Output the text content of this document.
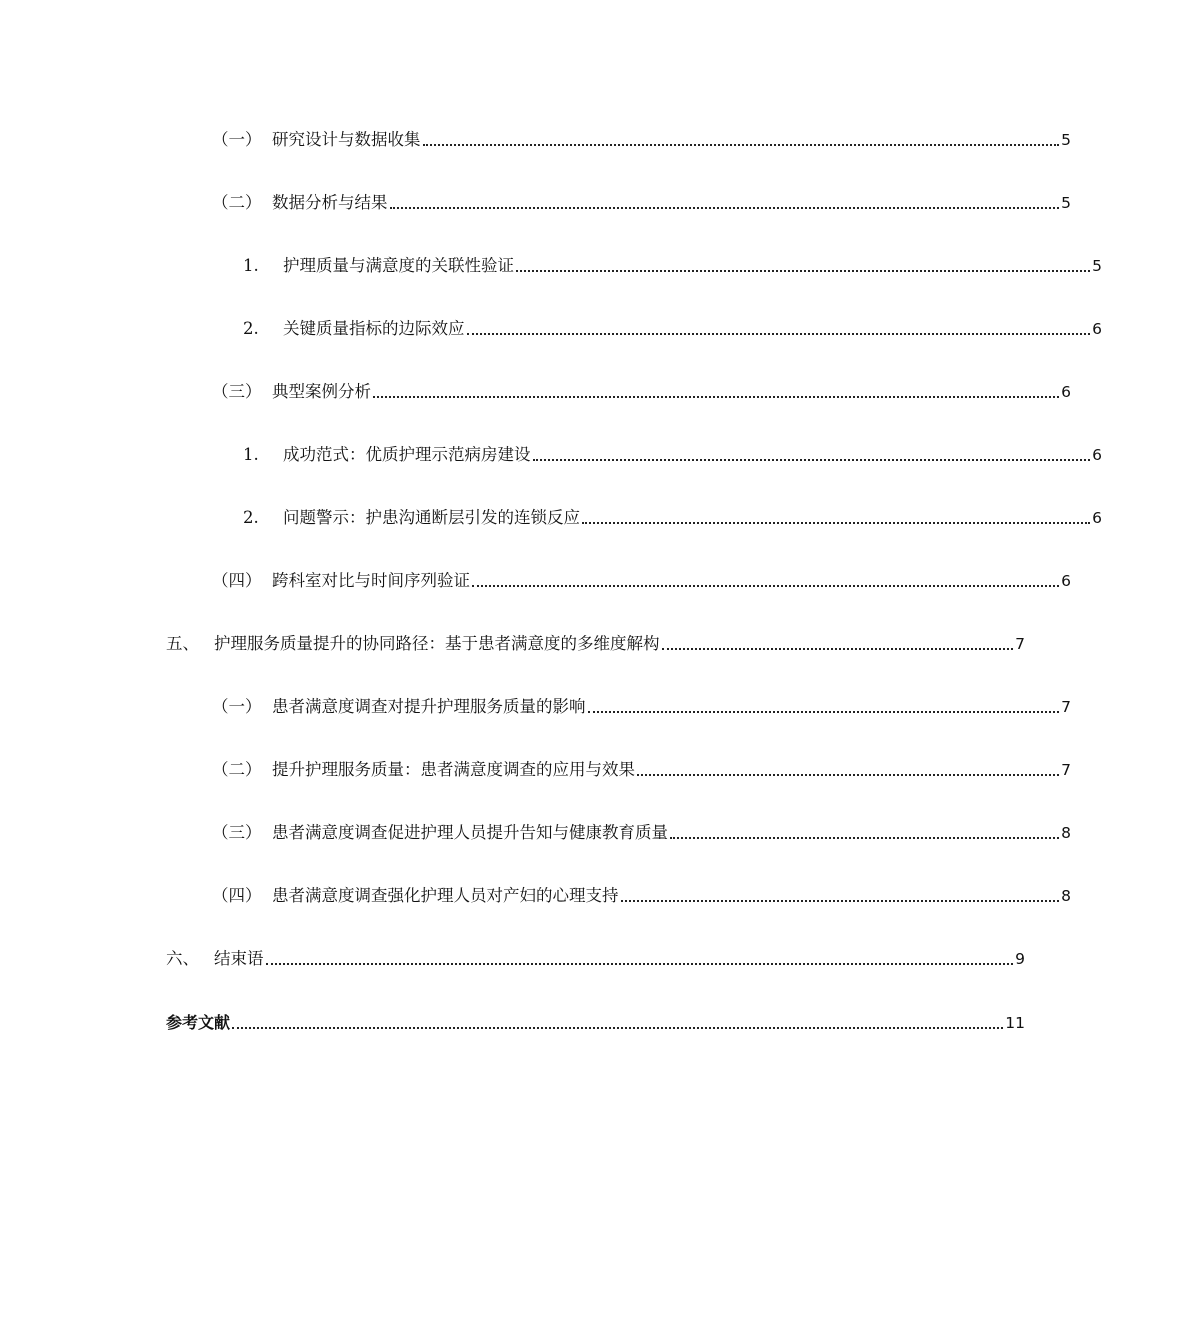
（一） 研究设计与数据收集	5
（二） 数据分析与结果	5
1.	护理质量与满意度的关联性验证	5
2.	关键质量指标的边际效应	6
（三） 典型案例分析	6
1.	成功范式：优质护理示范病房建设	6
2.	问题警示：护患沟通断层引发的连锁反应	6
（四） 跨科室对比与时间序列验证	6
五、 护理服务质量提升的协同路径：基于患者满意度的多维度解构	7
（一） 患者满意度调查对提升护理服务质量的影响	7
（二） 提升护理服务质量：患者满意度调查的应用与效果	7
（三） 患者满意度调查促进护理人员提升告知与健康教育质量	8
（四） 患者满意度调查强化护理人员对产妇的心理支持	8
六、 结束语	9
参考文献	11
